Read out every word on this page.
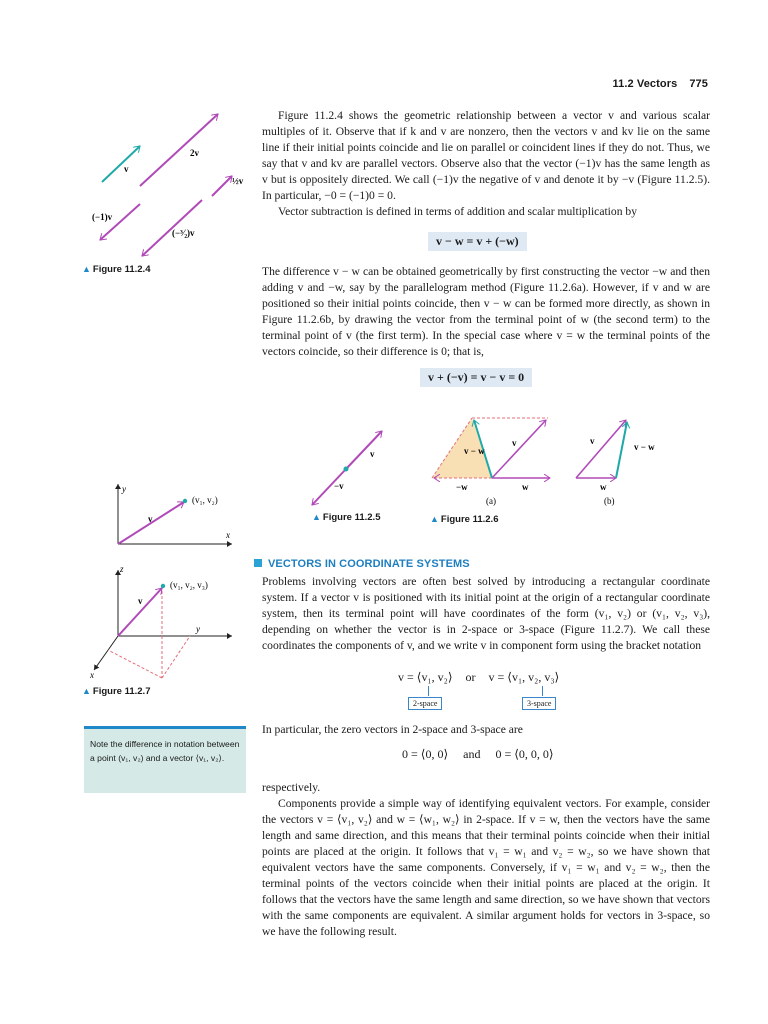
11.2 Vectors 775
v
2v
½v
(−1)v
(−³⁄₂)v
▲ Figure 11.2.4

Figure 11.2.4 shows the geometric relationship between a vector v and various scalar multiples of it. Observe that if k and v are nonzero, then the vectors v and kv lie on the same line if their initial points coincide and lie on parallel or coincident lines if they do not. Thus, we say that v and kv are parallel vectors. Observe also that the vector (−1)v has the same length as v but is oppositely directed. We call (−1)v the negative of v and denote it by −v (Figure 11.2.5). In particular, −0 = (−1)0 = 0.

Vector subtraction is defined in terms of addition and scalar multiplication by

v − w = v + (−w)

The difference v − w can be obtained geometrically by first constructing the vector −w and then adding v and −w, say by the parallelogram method (Figure 11.2.6a). However, if v and w are positioned so their initial points coincide, then v − w can be formed more directly, as shown in Figure 11.2.6b, by drawing the vector from the terminal point of w (the second term) to the terminal point of v (the first term). In the special case where v = w the terminal points of the vectors coincide, so their difference is 0; that is,

v + (−v) = v − v = 0
v
−v
▲ Figure 11.2.5
v − w
v
−w	w
(a)
v
v − w
w
(b)
▲ Figure 11.2.6
y
x
v
(v₁, v₂)
z
y
x
v
(v₁, v₂, v₃)
▲ Figure 11.2.7
VECTORS IN COORDINATE SYSTEMS

Problems involving vectors are often best solved by introducing a rectangular coordinate system. If a vector v is positioned with its initial point at the origin of a rectangular coordinate system, then its terminal point will have coordinates of the form (v₁, v₂) or (v₁, v₂, v₃), depending on whether the vector is in 2-space or 3-space (Figure 11.2.7). We call these coordinates the components of v, and we write v in component form using the bracket notation

v = ⟨v₁, v₂⟩ or v = ⟨v₁, v₂, v₃⟩
2-space	3-space

Note the difference in notation between a point (v₁, v₂) and a vector ⟨v₁, v₂⟩.

In particular, the zero vectors in 2-space and 3-space are

0 = ⟨0, 0⟩ and 0 = ⟨0, 0, 0⟩

respectively.

Components provide a simple way of identifying equivalent vectors. For example, consider the vectors v = ⟨v₁, v₂⟩ and w = ⟨w₁, w₂⟩ in 2-space. If v = w, then the vectors have the same length and same direction, and this means that their terminal points coincide when their initial points are placed at the origin. It follows that v₁ = w₁ and v₂ = w₂, so we have shown that equivalent vectors have the same components. Conversely, if v₁ = w₁ and v₂ = w₂, then the terminal points of the vectors coincide when their initial points are placed at the origin. It follows that the vectors have the same length and same direction, so we have shown that vectors with the same components are equivalent. A similar argument holds for vectors in 3-space, so we have the following result.
